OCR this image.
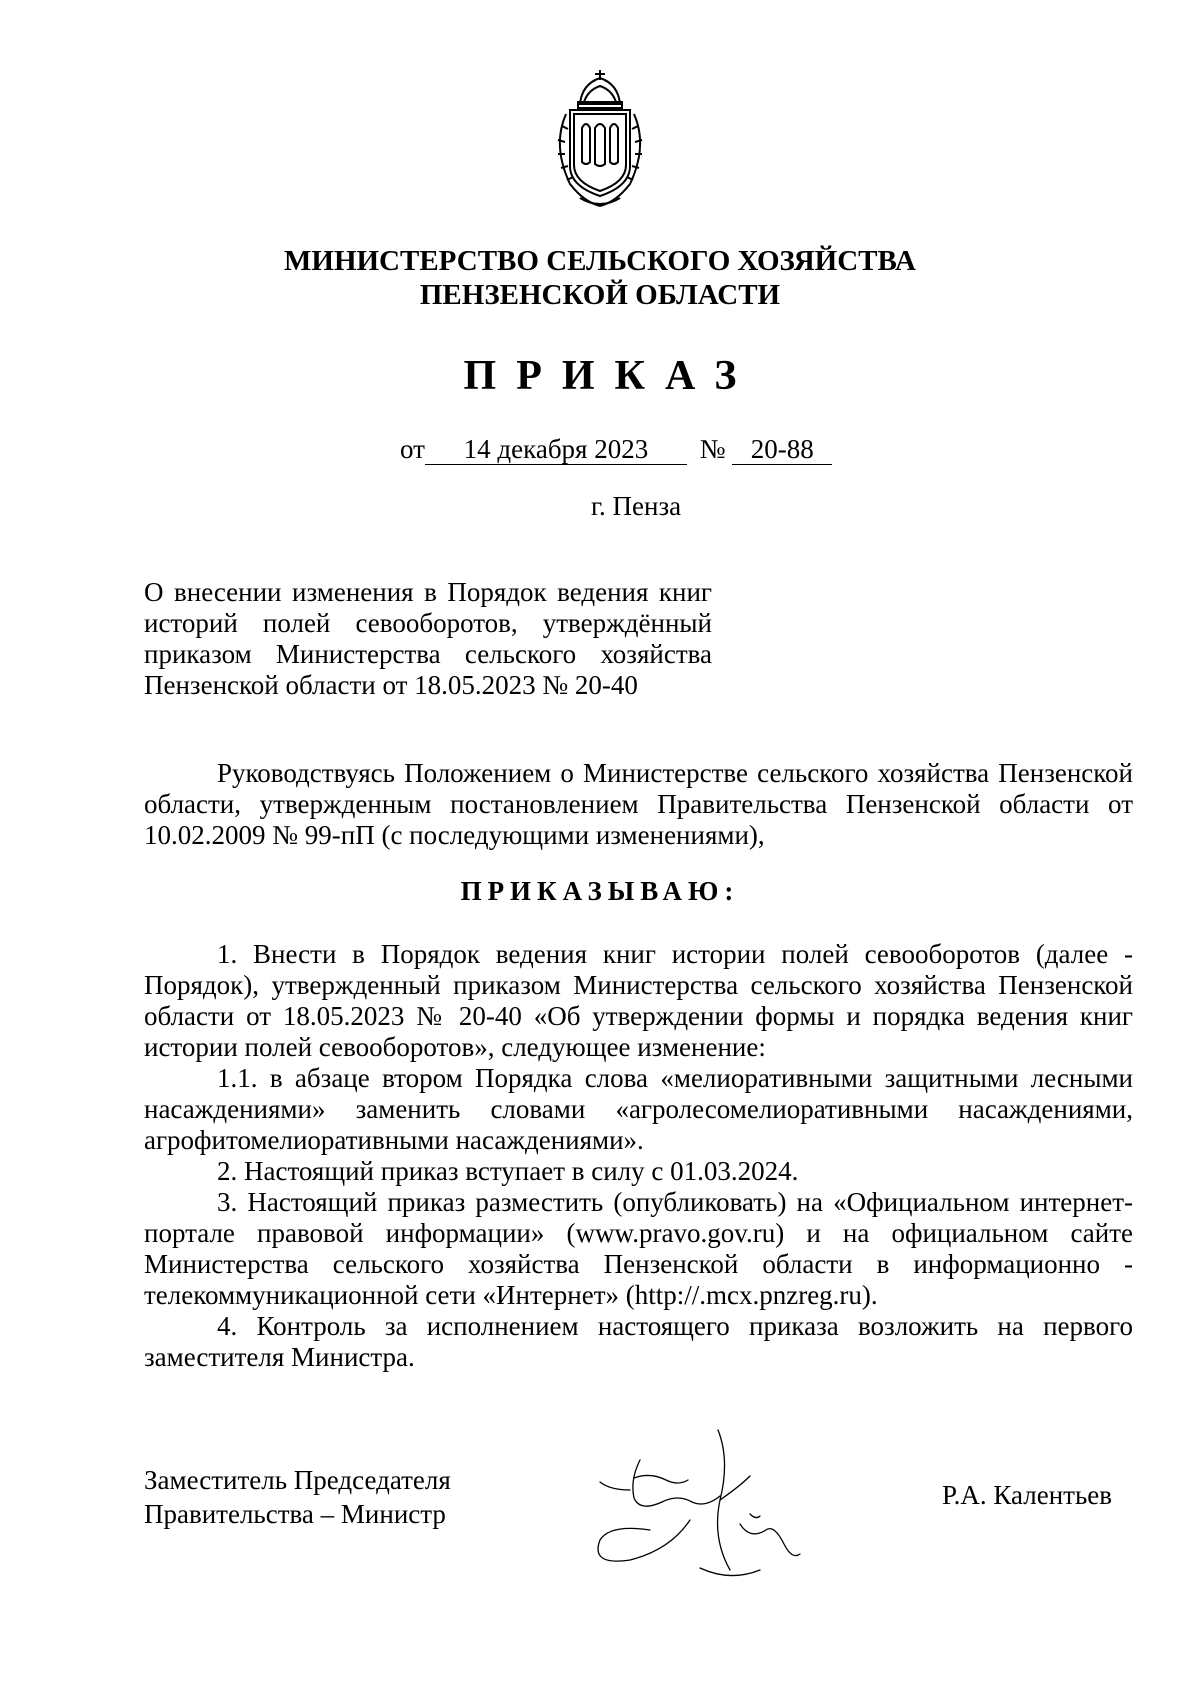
МИНИСТЕРСТВО СЕЛЬСКОГО ХОЗЯЙСТВА
ПЕНЗЕНСКОЙ ОБЛАСТИ
ПРИКАЗ
от 14 декабря 2023 № 20-88
г. Пенза
О внесении изменения в Порядок ведения книг историй полей севооборотов, утверждённый приказом Министерства сельского хозяйства Пензенской области от 18.05.2023 № 20-40
Руководствуясь Положением о Министерстве сельского хозяйства Пензенской области, утвержденным постановлением Правительства Пензенской области от 10.02.2009 № 99-пП (с последующими изменениями),
ПРИКАЗЫВАЮ:
1. Внести в Порядок ведения книг истории полей севооборотов (далее - Порядок), утвержденный приказом Министерства сельского хозяйства Пензенской области от 18.05.2023 № 20-40 «Об утверждении формы и порядка ведения книг истории полей севооборотов», следующее изменение:
1.1. в абзаце втором Порядка слова «мелиоративными защитными лесными насаждениями» заменить словами «агролесомелиоративными насаждениями, агрофитомелиоративными насаждениями».
2. Настоящий приказ вступает в силу с 01.03.2024.
3. Настоящий приказ разместить (опубликовать) на «Официальном интернет-портале правовой информации» (www.pravo.gov.ru) и на официальном сайте Министерства сельского хозяйства Пензенской области в информационно - телекоммуникационной сети «Интернет» (http://.mcx.pnzreg.ru).
4. Контроль за исполнением настоящего приказа возложить на первого заместителя Министра.
Заместитель Председателя
Правительства – Министр
Р.А. Калентьев
